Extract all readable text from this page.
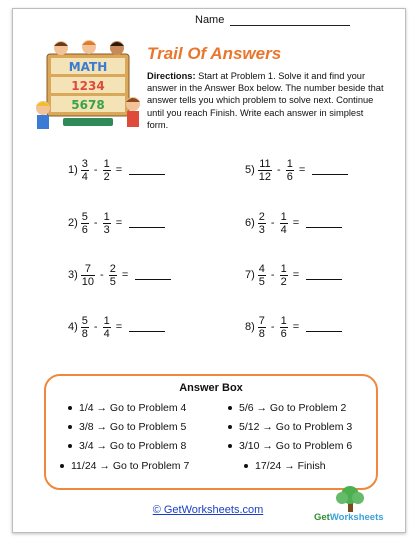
Name
MATH
1234
5678
Trail Of Answers
Directions: Start at Problem 1. Solve it and find your answer in the Answer Box below. The number beside that answer tells you which problem to solve next. Continue until you reach Finish. Write each answer in simplest form.
$1) \frac{3}{4} - \frac{1}{2}$ =	$5) \frac{11}{12} - \frac{1}{6}$ =
$2) \frac{5}{6} - \frac{1}{3}$ =	$6) \frac{2}{3} - \frac{1}{4}$ =
$3) \frac{7}{10} - \frac{2}{5}$ =	$7) \frac{4}{5} - \frac{1}{2}$ =
$4) \frac{5}{8} - \frac{1}{4}$ =	$8) \frac{7}{8} - \frac{1}{6}$ =
Answer Box
1/4 → Go to Problem 4	5/6 → Go to Problem 2
3/8 → Go to Problem 5	5/12 → Go to Problem 3
3/4 → Go to Problem 8	3/10 → Go to Problem 6
11/24 → Go to Problem 7	17/24 → Finish
© GetWorksheets.com
GetWorksheets
